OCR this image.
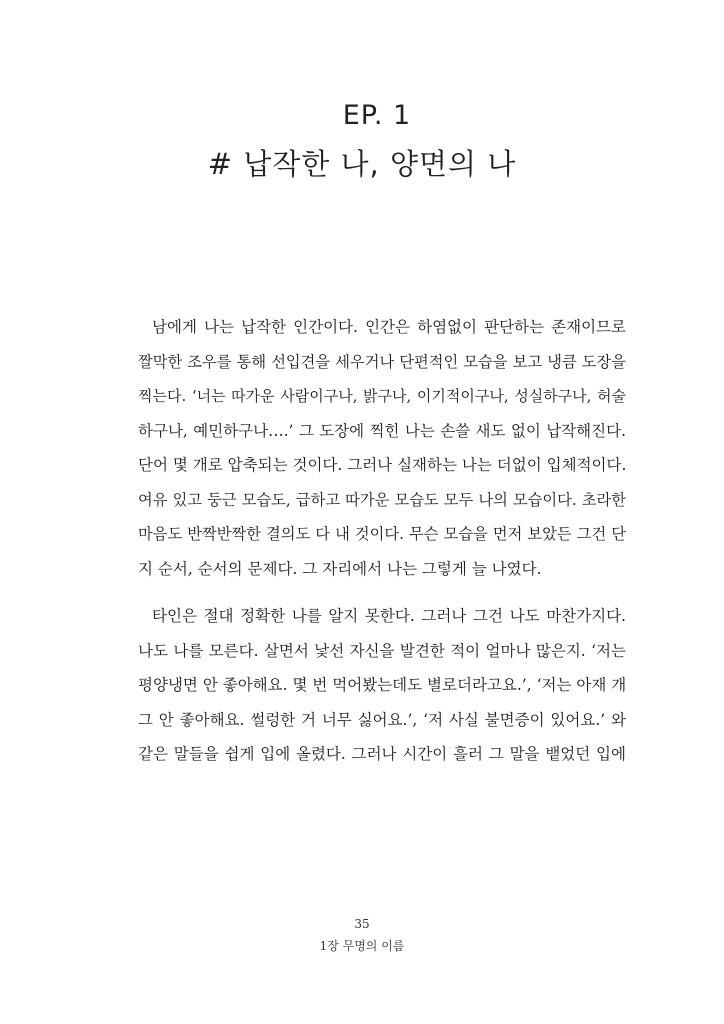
EP. 1
# 납작한 나, 양면의 나
남에게 나는 납작한 인간이다. 인간은 하염없이 판단하는 존재이므로
짤막한 조우를 통해 선입견을 세우거나 단편적인 모습을 보고 냉큼 도장을
찍는다. ‘너는 따가운 사람이구나, 밝구나, 이기적이구나, 성실하구나, 허술
하구나, 예민하구나….’ 그 도장에 찍힌 나는 손쓸 새도 없이 납작해진다.
단어 몇 개로 압축되는 것이다. 그러나 실재하는 나는 더없이 입체적이다.
여유 있고 둥근 모습도, 급하고 따가운 모습도 모두 나의 모습이다. 초라한
마음도 반짝반짝한 결의도 다 내 것이다. 무슨 모습을 먼저 보았든 그건 단
지 순서, 순서의 문제다. 그 자리에서 나는 그렇게 늘 나였다.
타인은 절대 정확한 나를 알지 못한다. 그러나 그건 나도 마찬가지다.
나도 나를 모른다. 살면서 낯선 자신을 발견한 적이 얼마나 많은지. ‘저는
평양냉면 안 좋아해요. 몇 번 먹어봤는데도 별로더라고요.’, ‘저는 아재 개
그 안 좋아해요. 썰렁한 거 너무 싫어요.’, ‘저 사실 불면증이 있어요.’ 와
같은 말들을 쉽게 입에 올렸다. 그러나 시간이 흘러 그 말을 뱉었던 입에
35
1장 무명의 이름
